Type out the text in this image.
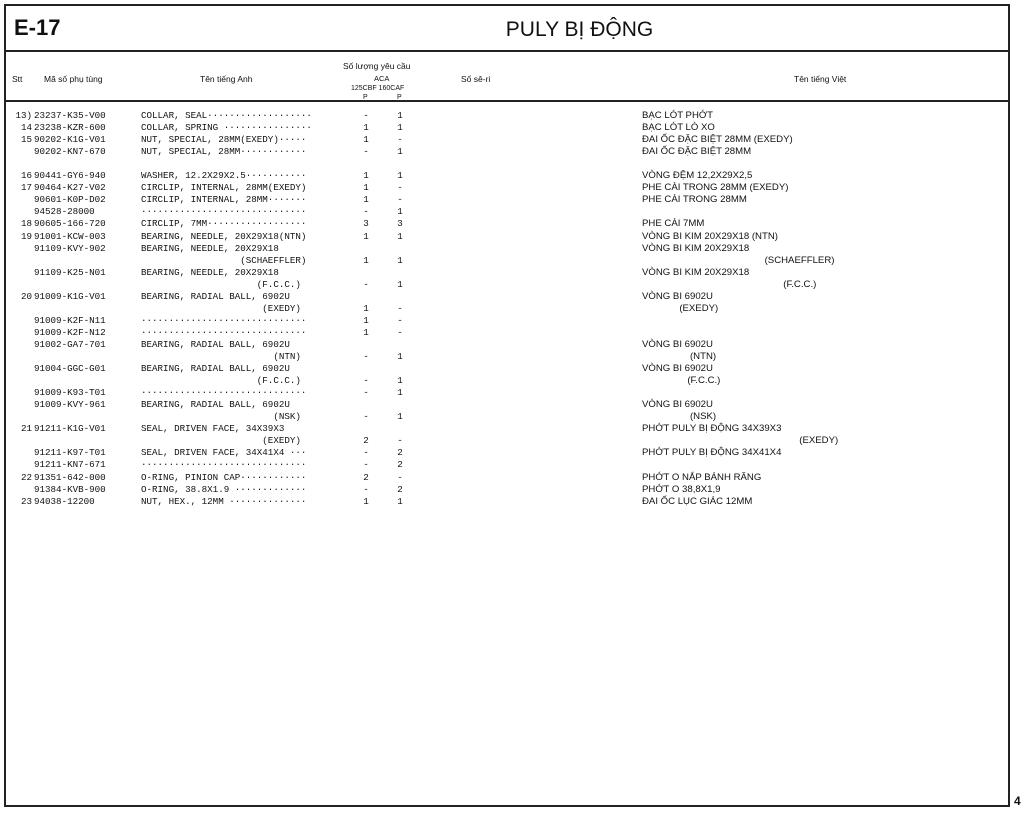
E-17	PULY BỊ ĐỘNG
Stt	Mã số phụ tùng	Tên tiếng Anh
Số lượng yêu cầu
ACA
125CBF 160CAF
P	P
Số sê-ri	Tên tiếng Việt
13) 23237-K35-V00	COLLAR, SEAL···················	-	1	BẠC LÓT PHỚT
14 23238-KZR-600	COLLAR, SPRING ················	1	1	BẠC LÓT LÒ XO
15 90202-K1G-V01	NUT, SPECIAL, 28MM(EXEDY)·····	1	-	ĐAI ỐC ĐẶC BIỆT 28MM (EXEDY)
90202-KN7-670	NUT, SPECIAL, 28MM············	-	1	ĐAI ỐC ĐẶC BIỆT 28MM
16 90441-GY6-940	WASHER, 12.2X29X2.5···········	1	1	VÒNG ĐỆM 12,2X29X2,5
17 90464-K27-V02	CIRCLIP, INTERNAL, 28MM(EXEDY)	1	-	PHE CÀI TRONG 28MM (EXEDY)
90601-K0P-D02	CIRCLIP, INTERNAL, 28MM·······	1	-	PHE CÀI TRONG 28MM
94528-28000	······························	-	1
18 90605-166-720	CIRCLIP, 7MM··················	3	3	PHE CÀI 7MM
19 91001-KCW-003	BEARING, NEEDLE, 20X29X18(NTN)	1	1	VÒNG BI KIM 20X29X18 (NTN)
91109-KVY-902	BEARING, NEEDLE, 20X29X18	VÒNG BI KIM 20X29X18
(SCHAEFFLER)	1	1	(SCHAEFFLER)
91109-K25-N01	BEARING, NEEDLE, 20X29X18	VÒNG BI KIM 20X29X18
(F.C.C.)	-	1	(F.C.C.)
20 91009-K1G-V01	BEARING, RADIAL BALL, 6902U	VÒNG BI 6902U
(EXEDY)	1	-	(EXEDY)
91009-K2F-N11	······························	1	-
91009-K2F-N12	······························	1	-
91002-GA7-701	BEARING, RADIAL BALL, 6902U	VÒNG BI 6902U
(NTN)	-	1	(NTN)
91004-GGC-G01	BEARING, RADIAL BALL, 6902U	VÒNG BI 6902U
(F.C.C.)	-	1	(F.C.C.)
91009-K93-T01	······························	-	1
91009-KVY-961	BEARING, RADIAL BALL, 6902U	VÒNG BI 6902U
(NSK)	-	1	(NSK)
21 91211-K1G-V01	SEAL, DRIVEN FACE, 34X39X3	PHỚT PULY BỊ ĐỘNG 34X39X3
(EXEDY)	2	-	(EXEDY)
91211-K97-T01	SEAL, DRIVEN FACE, 34X41X4 ···	-	2	PHỚT PULY BỊ ĐỘNG 34X41X4
91211-KN7-671	······························	-	2
22 91351-642-000	O-RING, PINION CAP············	2	-	PHỚT O NẮP BÁNH RĂNG
91384-KVB-900	O-RING, 38.8X1.9 ·············	-	2	PHỚT O 38,8X1,9
23 94038-12200	NUT, HEX., 12MM ··············	1	1	ĐAI ỐC LỤC GIÁC 12MM
4
